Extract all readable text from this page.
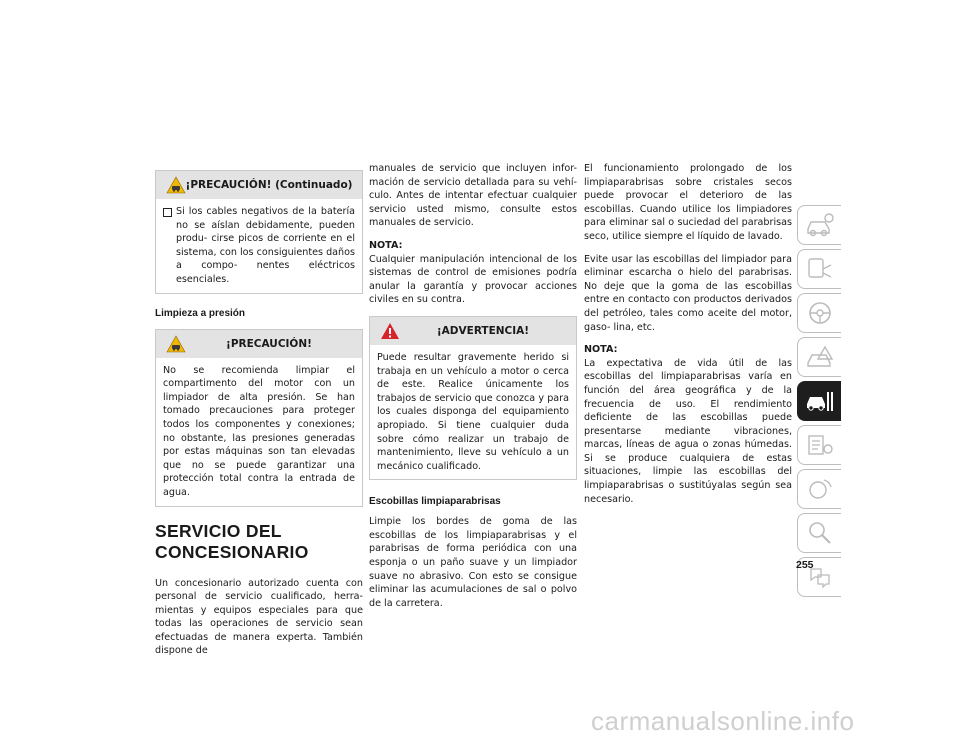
¡PRECAUCIÓN! (Continuado)
Si los cables negativos de la batería no se aíslan debidamente, pueden produ- cirse picos de corriente en el sistema, con los consiguientes daños a compo- nentes eléctricos esenciales.
Limpieza a presión
¡PRECAUCIÓN!
No se recomienda limpiar el compartimento del motor con un limpiador de alta presión. Se han tomado precauciones para proteger todos los componentes y conexiones; no obstante, las presiones generadas por estas máquinas son tan elevadas que no se puede garantizar una protección total contra la entrada de agua.
SERVICIO DEL CONCESIONARIO

Un concesionario autorizado cuenta con personal de servicio cualificado, herra- mientas y equipos especiales para que todas las operaciones de servicio sean efectuadas de manera experta. También dispone de

manuales de servicio que incluyen infor- mación de servicio detallada para su vehí- culo. Antes de intentar efectuar cualquier servicio usted mismo, consulte estos manuales de servicio.

NOTA:

Cualquier manipulación intencional de los sistemas de control de emisiones podría anular la garantía y provocar acciones civiles en su contra.

¡ADVERTENCIA!
Puede resultar gravemente herido si trabaja en un vehículo a motor o cerca de este. Realice únicamente los trabajos de servicio que conozca y para los cuales disponga del equipamiento apropiado. Si tiene cualquier duda sobre cómo realizar un trabajo de mantenimiento, lleve su vehículo a un mecánico cualificado.
Escobillas limpiaparabrisas

Limpie los bordes de goma de las escobillas de los limpiaparabrisas y el parabrisas de forma periódica con una esponja o un paño suave y un limpiador suave no abrasivo. Con esto se consigue eliminar las acumulaciones de sal o polvo de la carretera.

El funcionamiento prolongado de los limpiaparabrisas sobre cristales secos puede provocar el deterioro de las escobillas. Cuando utilice los limpiadores para eliminar sal o suciedad del parabrisas seco, utilice siempre el líquido de lavado.

Evite usar las escobillas del limpiador para eliminar escarcha o hielo del parabrisas. No deje que la goma de las escobillas entre en contacto con productos derivados del petróleo, tales como aceite del motor, gaso- lina, etc.

NOTA:

La expectativa de vida útil de las escobillas del limpiaparabrisas varía en función del área geográfica y de la frecuencia de uso. El rendimiento deficiente de las escobillas puede presentarse mediante vibraciones, marcas, líneas de agua o zonas húmedas. Si se produce cualquiera de estas situaciones, limpie las escobillas del limpiaparabrisas o sustitúyalas según sea necesario.

255
carmanualsonline.info
